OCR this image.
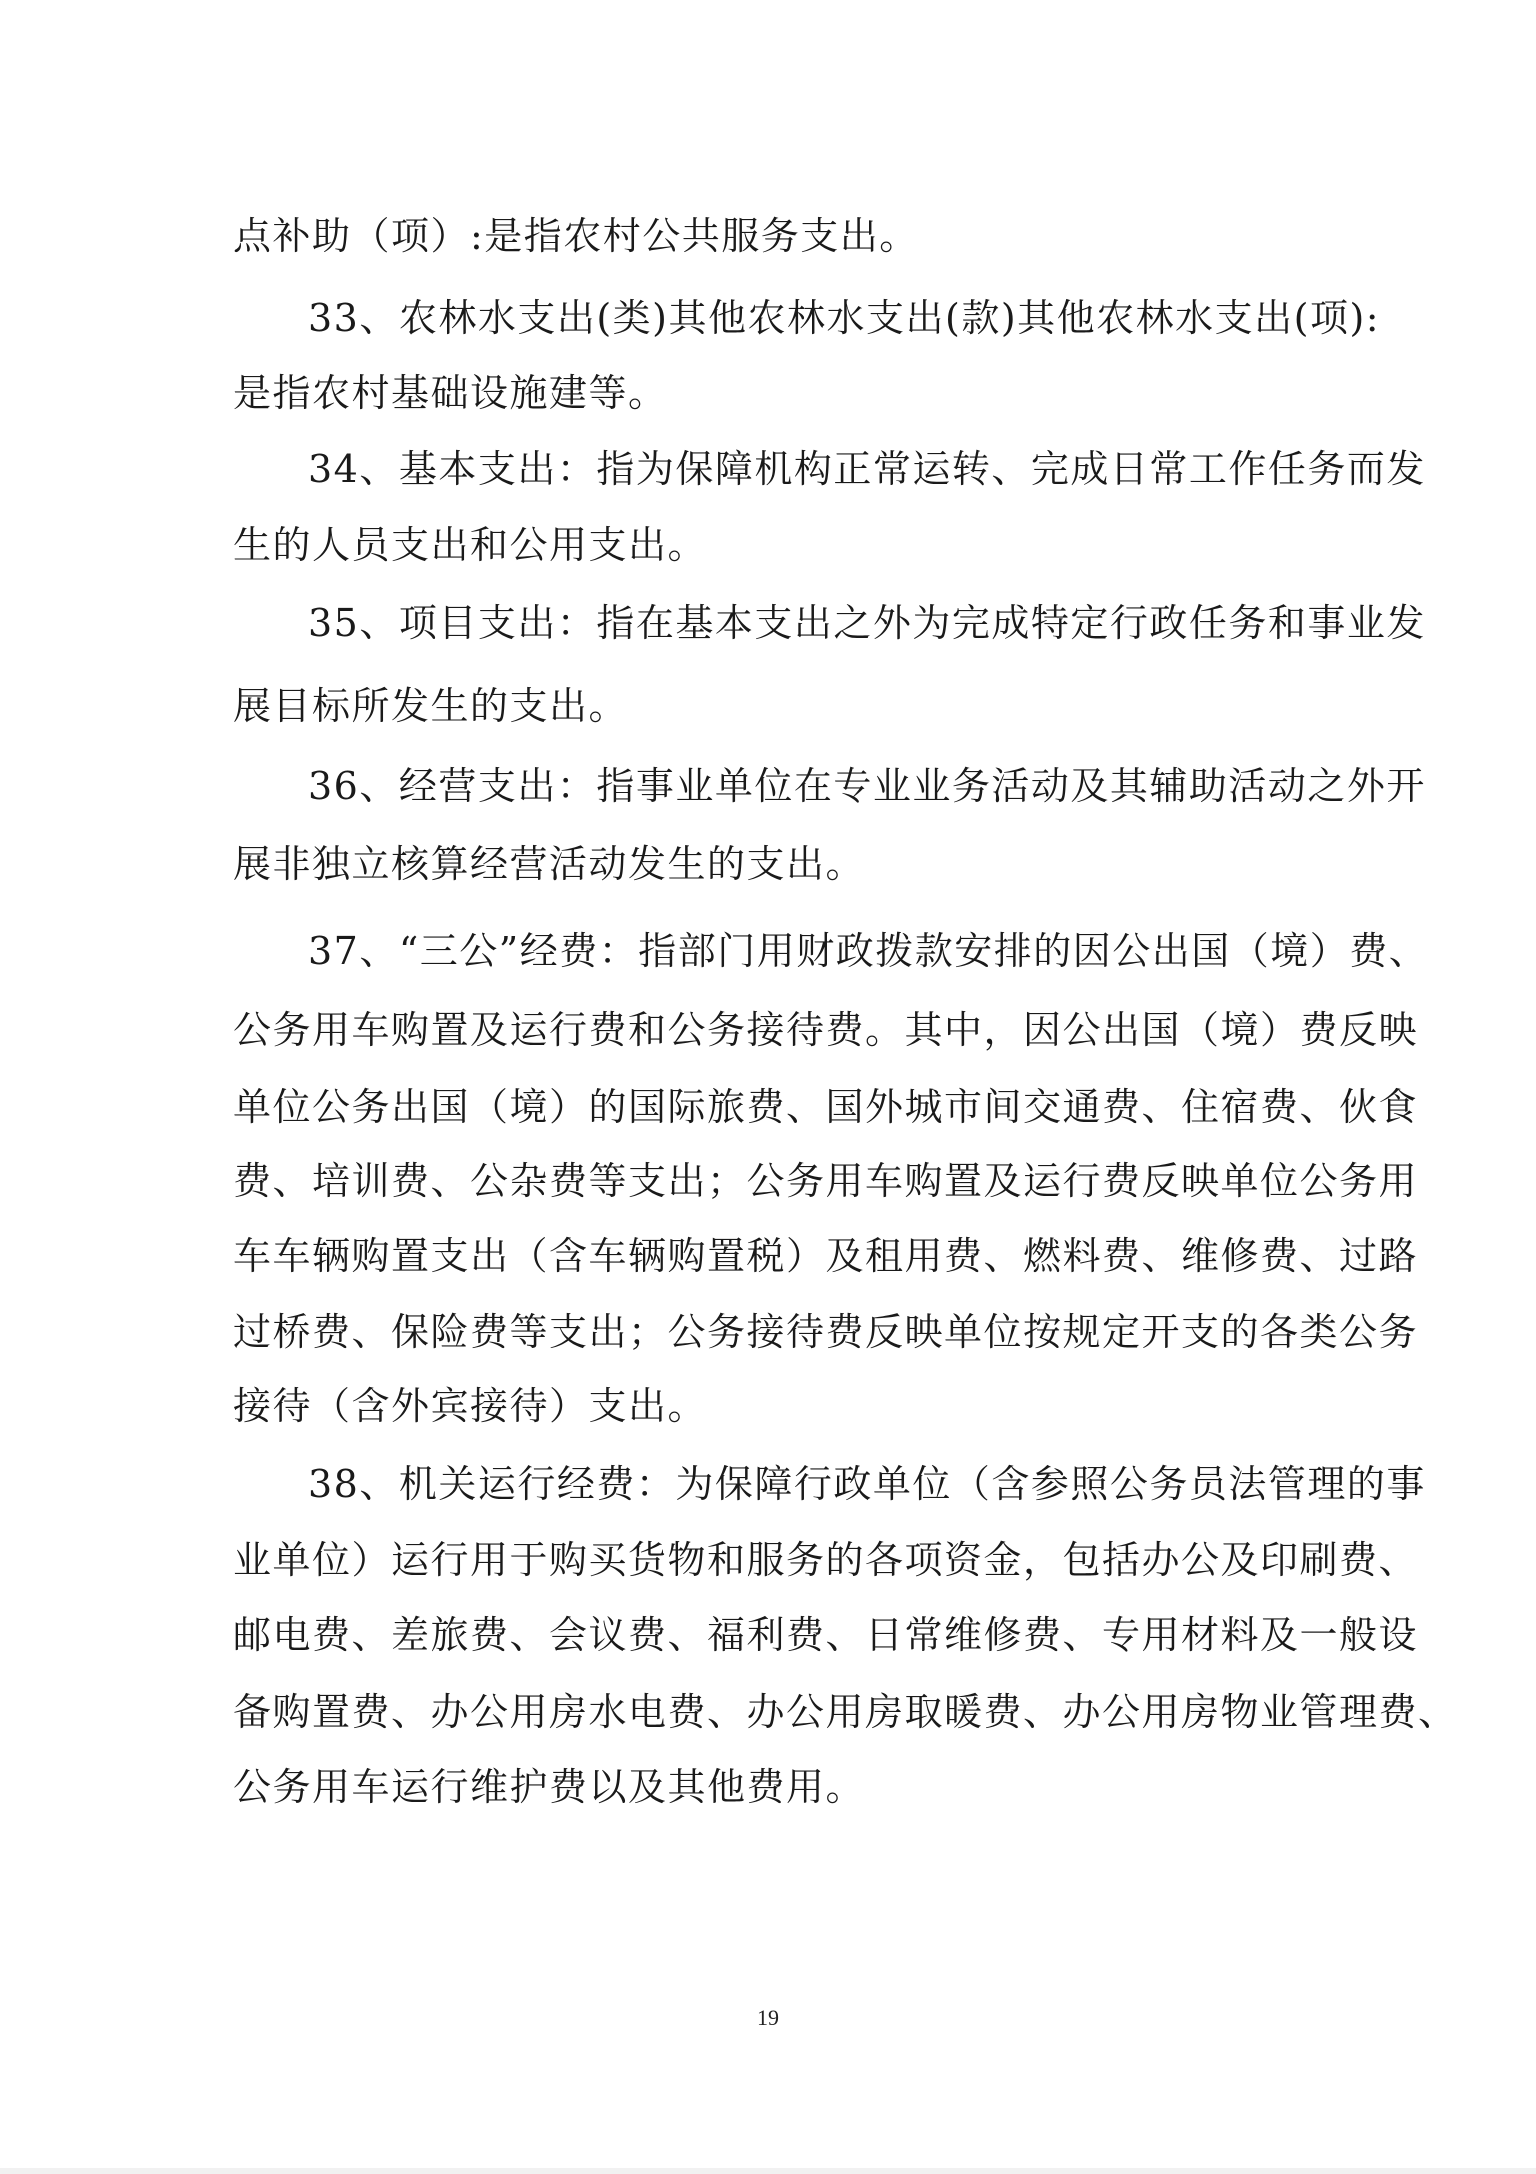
点补助（项）:是指农村公共服务支出。
33、农林水支出(类)其他农林水支出(款)其他农林水支出(项):
是指农村基础设施建等。
34、基本支出：指为保障机构正常运转、完成日常工作任务而发
生的人员支出和公用支出。
35、项目支出：指在基本支出之外为完成特定行政任务和事业发
展目标所发生的支出。
36、经营支出：指事业单位在专业业务活动及其辅助活动之外开
展非独立核算经营活动发生的支出。
37、“三公”经费：指部门用财政拨款安排的因公出国（境）费、
公务用车购置及运行费和公务接待费。其中，因公出国（境）费反映
单位公务出国（境）的国际旅费、国外城市间交通费、住宿费、伙食
费、培训费、公杂费等支出；公务用车购置及运行费反映单位公务用
车车辆购置支出（含车辆购置税）及租用费、燃料费、维修费、过路
过桥费、保险费等支出；公务接待费反映单位按规定开支的各类公务
接待（含外宾接待）支出。
38、机关运行经费：为保障行政单位（含参照公务员法管理的事
业单位）运行用于购买货物和服务的各项资金，包括办公及印刷费、
邮电费、差旅费、会议费、福利费、日常维修费、专用材料及一般设
备购置费、办公用房水电费、办公用房取暖费、办公用房物业管理费、
公务用车运行维护费以及其他费用。
19
